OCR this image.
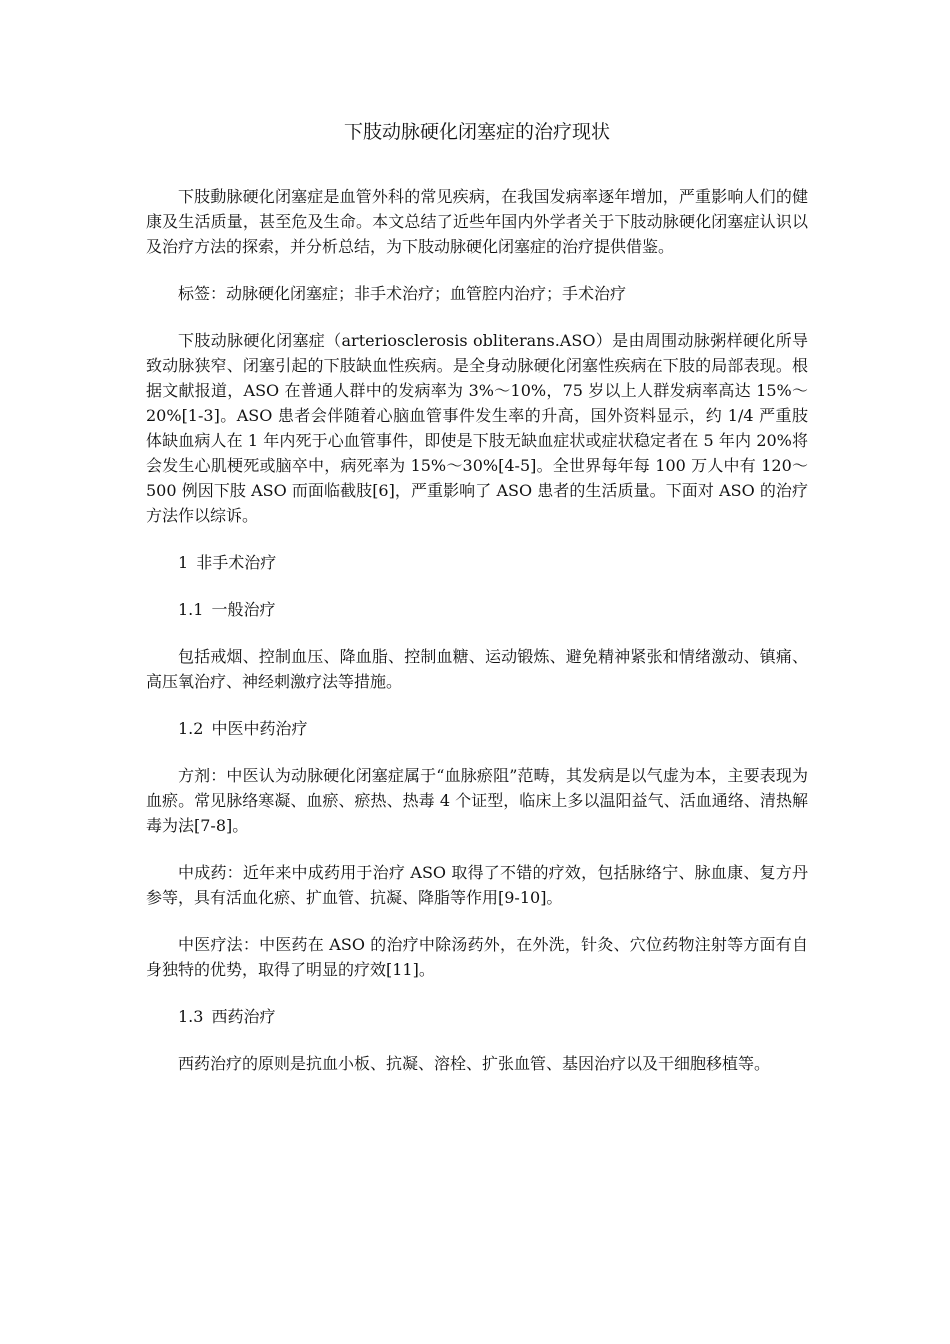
下肢动脉硬化闭塞症的治疗现状

下肢動脉硬化闭塞症是血管外科的常见疾病，在我国发病率逐年增加，严重影响人们的健康及生活质量，甚至危及生命。本文总结了近些年国内外学者关于下肢动脉硬化闭塞症认识以及治疗方法的探索，并分析总结，为下肢动脉硬化闭塞症的治疗提供借鉴。

标签：动脉硬化闭塞症；非手术治疗；血管腔内治疗；手术治疗

下肢动脉硬化闭塞症（arteriosclerosis obliterans.ASO）是由周围动脉粥样硬化所导致动脉狭窄、闭塞引起的下肢缺血性疾病。是全身动脉硬化闭塞性疾病在下肢的局部表现。根据文献报道，ASO 在普通人群中的发病率为 3%～10%，75 岁以上人群发病率高达 15%～20%[1-3]。ASO 患者会伴随着心脑血管事件发生率的升高，国外资料显示，约 1/4 严重肢体缺血病人在 1 年内死于心血管事件，即使是下肢无缺血症状或症状稳定者在 5 年内 20%将会发生心肌梗死或脑卒中，病死率为 15%～30%[4-5]。全世界每年每 100 万人中有 120～500 例因下肢 ASO 而面临截肢[6]，严重影响了 ASO 患者的生活质量。下面对 ASO 的治疗方法作以综诉。

1 非手术治疗
1.1 一般治疗

包括戒烟、控制血压、降血脂、控制血糖、运动锻炼、避免精神紧张和情绪激动、镇痛、高压氧治疗、神经刺激疗法等措施。

1.2 中医中药治疗

方剂：中医认为动脉硬化闭塞症属于“血脉瘀阻”范畴，其发病是以气虚为本，主要表现为血瘀。常见脉络寒凝、血瘀、瘀热、热毒 4 个证型，临床上多以温阳益气、活血通络、清热解毒为法[7-8]。

中成药：近年来中成药用于治疗 ASO 取得了不错的疗效，包括脉络宁、脉血康、复方丹参等，具有活血化瘀、扩血管、抗凝、降脂等作用[9-10]。

中医疗法：中医药在 ASO 的治疗中除汤药外，在外洗，针灸、穴位药物注射等方面有自身独特的优势，取得了明显的疗效[11]。

1.3 西药治疗

西药治疗的原则是抗血小板、抗凝、溶栓、扩张血管、基因治疗以及干细胞移植等。
